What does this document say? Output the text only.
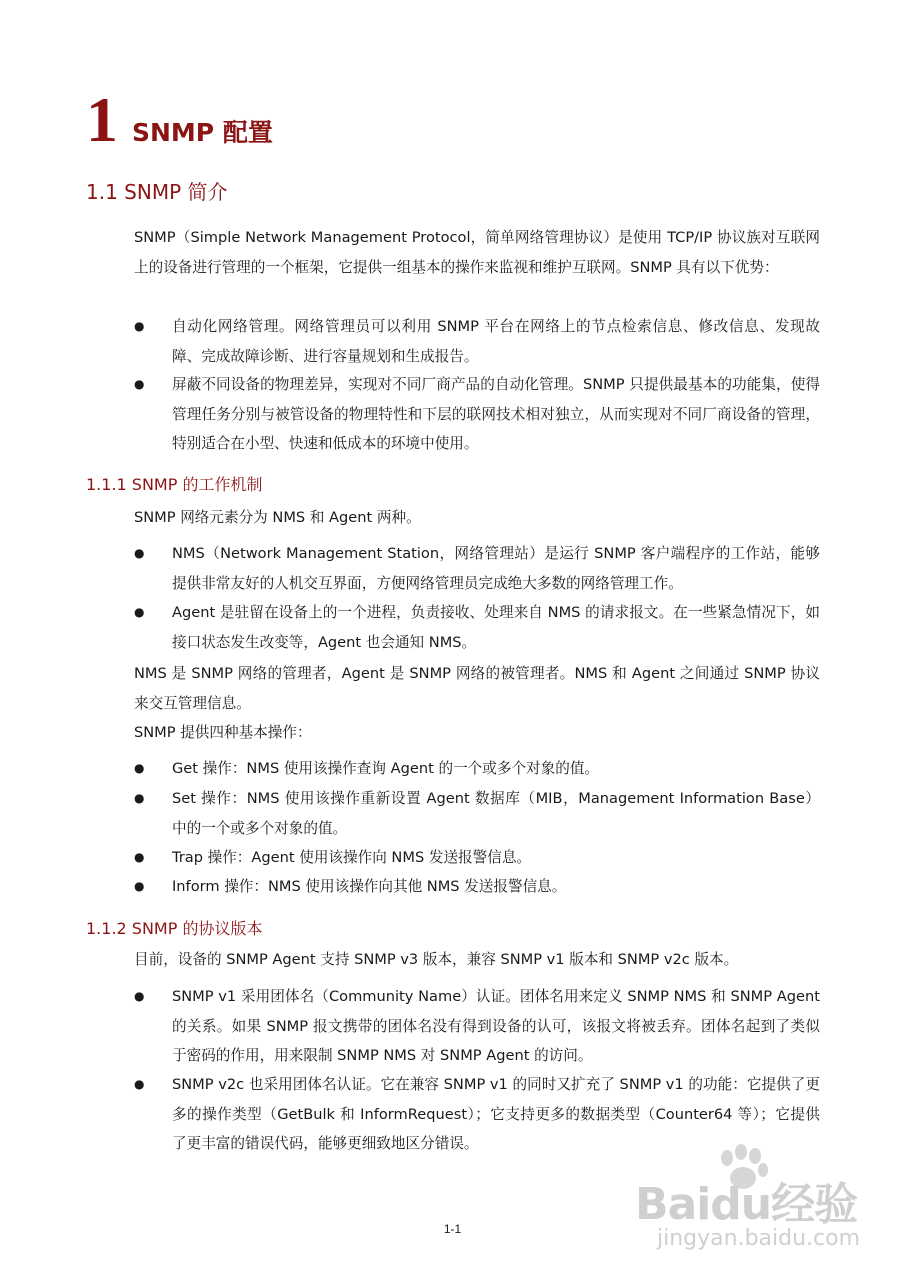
1 SNMP 配置
1.1 SNMP 简介
SNMP（Simple Network Management Protocol，简单网络管理协议）是使用 TCP/IP 协议族对互联网上的设备进行管理的一个框架，它提供一组基本的操作来监视和维护互联网。SNMP 具有以下优势：
●	自动化网络管理。网络管理员可以利用 SNMP 平台在网络上的节点检索信息、修改信息、发现故障、完成故障诊断、进行容量规划和生成报告。
●	屏蔽不同设备的物理差异，实现对不同厂商产品的自动化管理。SNMP 只提供最基本的功能集，使得管理任务分别与被管设备的物理特性和下层的联网技术相对独立，从而实现对不同厂商设备的管理，特别适合在小型、快速和低成本的环境中使用。
1.1.1 SNMP 的工作机制
SNMP 网络元素分为 NMS 和 Agent 两种。
●	NMS（Network Management Station，网络管理站）是运行 SNMP 客户端程序的工作站，能够提供非常友好的人机交互界面，方便网络管理员完成绝大多数的网络管理工作。
●	Agent 是驻留在设备上的一个进程，负责接收、处理来自 NMS 的请求报文。在一些紧急情况下，如接口状态发生改变等，Agent 也会通知 NMS。
NMS 是 SNMP 网络的管理者，Agent 是 SNMP 网络的被管理者。NMS 和 Agent 之间通过 SNMP 协议来交互管理信息。
SNMP 提供四种基本操作：
●	Get 操作：NMS 使用该操作查询 Agent 的一个或多个对象的值。
●	Set 操作：NMS 使用该操作重新设置 Agent 数据库（MIB，Management Information Base）中的一个或多个对象的值。
●	Trap 操作：Agent 使用该操作向 NMS 发送报警信息。
●	Inform 操作：NMS 使用该操作向其他 NMS 发送报警信息。
1.1.2 SNMP 的协议版本
目前，设备的 SNMP Agent 支持 SNMP v3 版本，兼容 SNMP v1 版本和 SNMP v2c 版本。
●	SNMP v1 采用团体名（Community Name）认证。团体名用来定义 SNMP NMS 和 SNMP Agent 的关系。如果 SNMP 报文携带的团体名没有得到设备的认可，该报文将被丢弃。团体名起到了类似于密码的作用，用来限制 SNMP NMS 对 SNMP Agent 的访问。
●	SNMP v2c 也采用团体名认证。它在兼容 SNMP v1 的同时又扩充了 SNMP v1 的功能：它提供了更多的操作类型（GetBulk 和 InformRequest）；它支持更多的数据类型（Counter64 等）；它提供了更丰富的错误代码，能够更细致地区分错误。
1-1	Baidu经验
jingyan.baidu.com
